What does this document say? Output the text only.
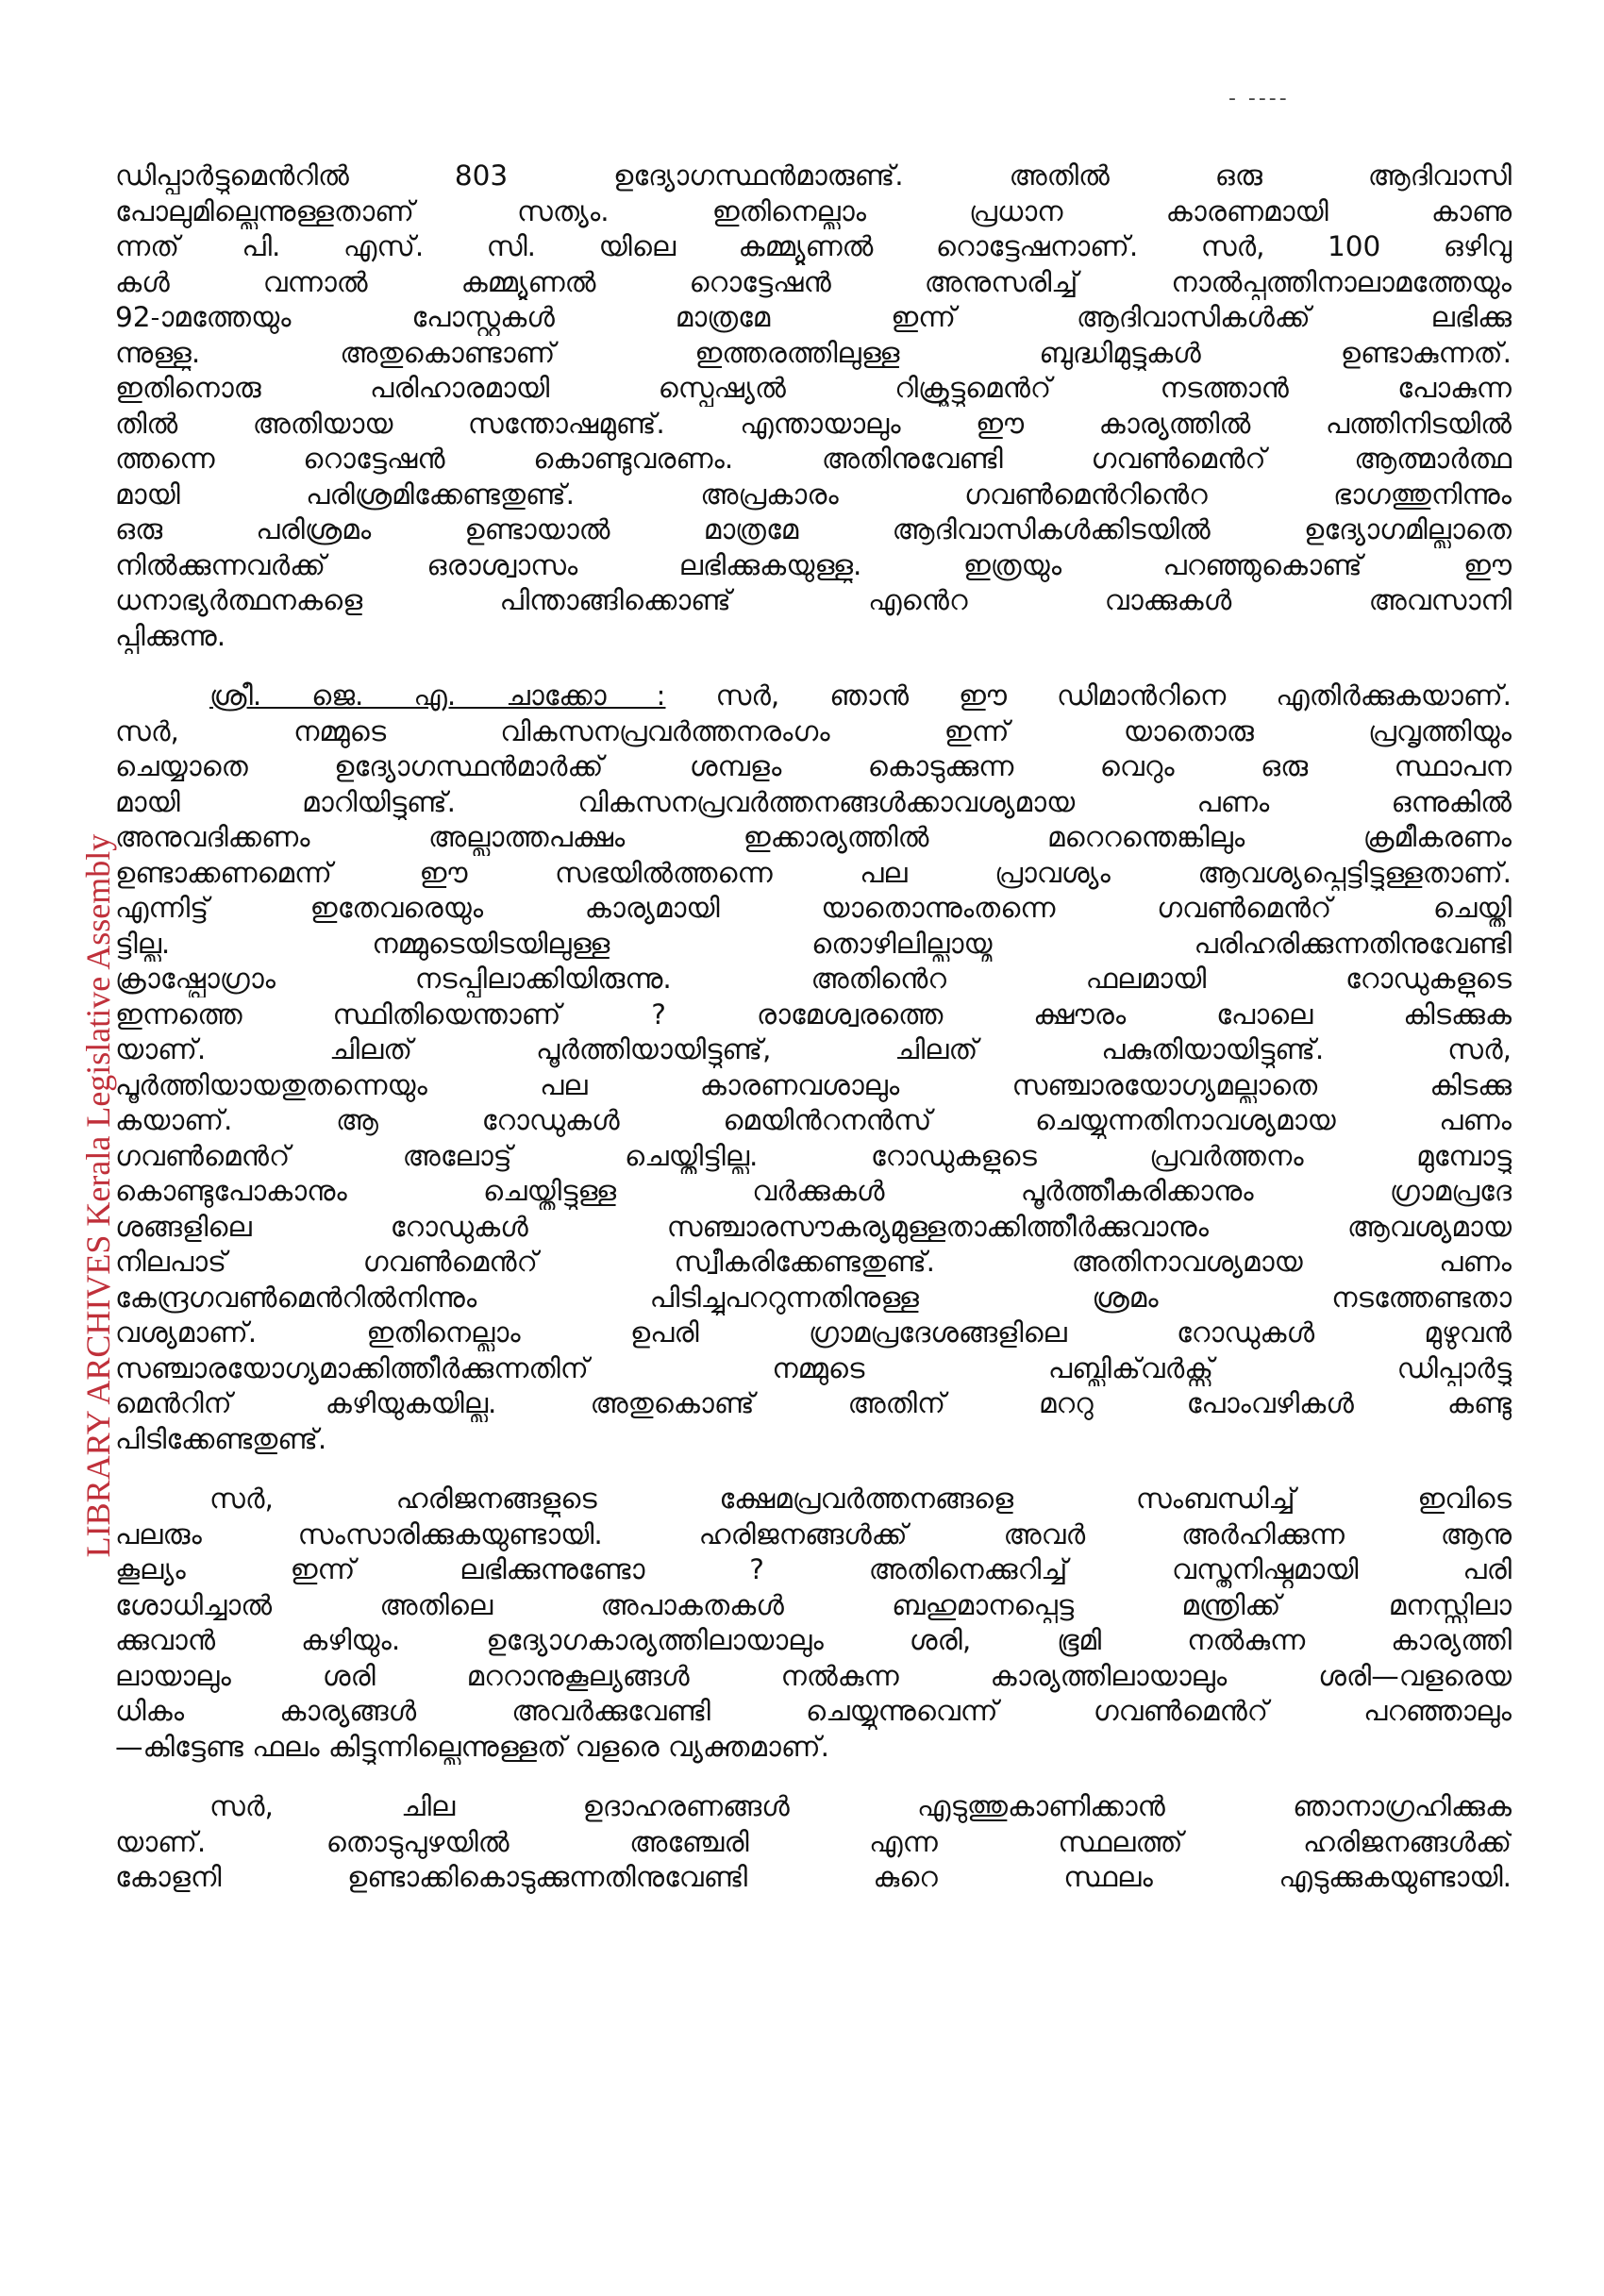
- ----
LIBRARY ARCHIVES Kerala Legislative Assembly
ഡിപ്പാർട്ടുമെൻറിൽ 803 ഉദ്യോഗസ്ഥൻമാരുണ്ട്. അതിൽ ഒരു ആദിവാസി
പോലുമില്ലെന്നുള്ളതാണ് സത്യം. ഇതിനെല്ലാം പ്രധാന കാരണമായി കാണു
ന്നത് പി. എസ്. സി. യിലെ കമ്മ്യൂണൽ റൊട്ടേഷനാണ്. സർ, 100 ഒഴിവു
കൾ വന്നാൽ കമ്മ്യൂണൽ റൊട്ടേഷൻ അനുസരിച്ച് നാൽപ്പത്തിനാലാമത്തേയും
92-ാമത്തേയും പോസ്റ്റുകൾ മാത്രമേ ഇന്ന് ആദിവാസികൾക്ക് ലഭിക്കു
ന്നുള്ളു. അതുകൊണ്ടാണ് ഇത്തരത്തിലുള്ള ബുദ്ധിമുട്ടുകൾ ഉണ്ടാകുന്നത്.
ഇതിനൊരു പരിഹാരമായി സ്പെഷ്യൽ റിക്രൂട്ടുമെൻറ് നടത്താൻ പോകുന്ന
തിൽ അതിയായ സന്തോഷമുണ്ട്. എന്തായാലും ഈ കാര്യത്തിൽ പത്തിനിടയിൽ
ത്തന്നെ റൊട്ടേഷൻ കൊണ്ടുവരണം. അതിനുവേണ്ടി ഗവൺമെൻറ് ആത്മാർത്ഥ
മായി പരിശ്രമിക്കേണ്ടതുണ്ട്. അപ്രകാരം ഗവൺമെൻറിൻെറ ഭാഗത്തുനിന്നും
ഒരു പരിശ്രമം ഉണ്ടായാൽ മാത്രമേ ആദിവാസികൾക്കിടയിൽ ഉദ്യോഗമില്ലാതെ
നിൽക്കുന്നവർക്ക് ഒരാശ്വാസം ലഭിക്കുകയുള്ളു. ഇത്രയും പറഞ്ഞുകൊണ്ട് ഈ
ധനാഭ്യർത്ഥനകളെ പിന്താങ്ങിക്കൊണ്ട് എൻെറ വാക്കുകൾ അവസാനി
പ്പിക്കുന്നു.
ശ്രീ. ജെ. എ. ചാക്കോ : സർ, ഞാൻ ഈ ഡിമാൻറിനെ എതിർക്കുകയാണ്.
സർ, നമ്മുടെ വികസനപ്രവർത്തനരംഗം ഇന്ന് യാതൊരു പ്രവൃത്തിയും
ചെയ്യാതെ ഉദ്യോഗസ്ഥൻമാർക്ക് ശമ്പളം കൊടുക്കുന്ന വെറും ഒരു സ്ഥാപന
മായി മാറിയിട്ടുണ്ട്. വികസനപ്രവർത്തനങ്ങൾക്കാവശ്യമായ പണം ഒന്നുകിൽ
അനുവദിക്കണം അല്ലാത്തപക്ഷം ഇക്കാര്യത്തിൽ മറെറന്തെങ്കിലും ക്രമീകരണം
ഉണ്ടാക്കണമെന്ന് ഈ സഭയിൽത്തന്നെ പല പ്രാവശ്യം ആവശ്യപ്പെട്ടിട്ടുള്ളതാണ്.
എന്നിട്ട് ഇതേവരെയും കാര്യമായി യാതൊന്നുംതന്നെ ഗവൺമെൻറ് ചെയ്തി
ട്ടില്ല. നമ്മുടെയിടയിലുള്ള തൊഴിലില്ലായ്മ പരിഹരിക്കുന്നതിനുവേണ്ടി
ക്രാഷ്പ്രോഗ്രാം നടപ്പിലാക്കിയിരുന്നു. അതിൻെറ ഫലമായി റോഡുകളുടെ
ഇന്നത്തെ സ്ഥിതിയെന്താണ് ? രാമേശ്വരത്തെ ക്ഷൗരം പോലെ കിടക്കുക
യാണ്. ചിലത് പൂർത്തിയായിട്ടുണ്ട്, ചിലത് പകുതിയായിട്ടുണ്ട്. സർ,
പൂർത്തിയായതുതന്നെയും പല കാരണവശാലും സഞ്ചാരയോഗ്യമല്ലാതെ കിടക്കു
കയാണ്. ആ റോഡുകൾ മെയിൻറനൻസ് ചെയ്യുന്നതിനാവശ്യമായ പണം
ഗവൺമെൻറ് അലോട്ട് ചെയ്തിട്ടില്ല. റോഡുകളുടെ പ്രവർത്തനം മുമ്പോട്ടു
കൊണ്ടുപോകാനും ചെയ്തിട്ടുള്ള വർക്കുകൾ പൂർത്തീകരിക്കാനും ഗ്രാമപ്രദേ
ശങ്ങളിലെ റോഡുകൾ സഞ്ചാരസൗകര്യമുള്ളതാക്കിത്തീർക്കുവാനും ആവശ്യമായ
നിലപാട് ഗവൺമെൻറ് സ്വീകരിക്കേണ്ടതുണ്ട്. അതിനാവശ്യമായ പണം
കേന്ദ്രഗവൺമെൻറിൽനിന്നും പിടിച്ചുപററുന്നതിനുള്ള ശ്രമം നടത്തേണ്ടതാ
വശ്യമാണ്. ഇതിനെല്ലാം ഉപരി ഗ്രാമപ്രദേശങ്ങളിലെ റോഡുകൾ മുഴുവൻ
സഞ്ചാരയോഗ്യമാക്കിത്തീർക്കുന്നതിന് നമ്മുടെ പബ്ലിക്‌വർക്സ് ഡിപ്പാർട്ടു
മെൻറിന് കഴിയുകയില്ല. അതുകൊണ്ട് അതിന് മററു പോംവഴികൾ കണ്ടു
പിടിക്കേണ്ടതുണ്ട്.
സർ, ഹരിജനങ്ങളുടെ ക്ഷേമപ്രവർത്തനങ്ങളെ സംബന്ധിച്ച് ഇവിടെ
പലരും സംസാരിക്കുകയുണ്ടായി. ഹരിജനങ്ങൾക്ക് അവർ അർഹിക്കുന്ന ആനു
കൂല്യം ഇന്ന് ലഭിക്കുന്നുണ്ടോ ? അതിനെക്കുറിച്ച് വസ്തുനിഷ്ഠമായി പരി
ശോധിച്ചാൽ അതിലെ അപാകതകൾ ബഹുമാനപ്പെട്ട മന്ത്രിക്ക് മനസ്സിലാ
ക്കുവാൻ കഴിയും. ഉദ്യോഗകാര്യത്തിലായാലും ശരി, ഭൂമി നൽകുന്ന കാര്യത്തി
ലായാലും ശരി മററാനുകൂല്യങ്ങൾ നൽകുന്ന കാര്യത്തിലായാലും ശരി—വളരെയ
ധികം കാര്യങ്ങൾ അവർക്കുവേണ്ടി ചെയ്യുന്നുവെന്ന് ഗവൺമെൻറ് പറഞ്ഞാലും
—കിട്ടേണ്ട ഫലം കിട്ടുന്നില്ലെന്നുള്ളത് വളരെ വ്യക്തമാണ്.
സർ, ചില ഉദാഹരണങ്ങൾ എടുത്തുകാണിക്കാൻ ഞാനാഗ്രഹിക്കുക
യാണ്. തൊടുപുഴയിൽ അഞ്ചേരി എന്ന സ്ഥലത്ത് ഹരിജനങ്ങൾക്ക്
കോളനി ഉണ്ടാക്കികൊടുക്കുന്നതിനുവേണ്ടി കുറെ സ്ഥലം എടുക്കുകയുണ്ടായി.
